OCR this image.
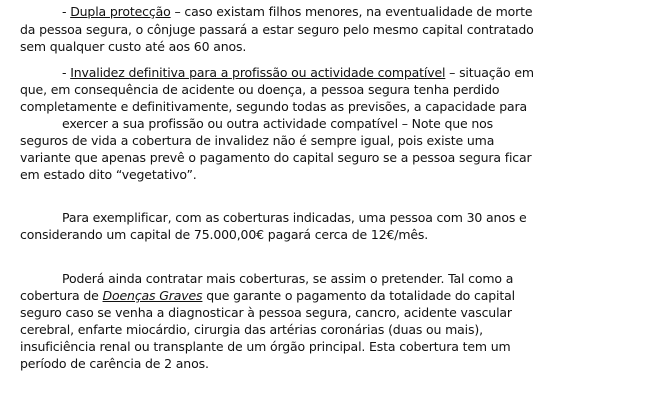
- Dupla protecção – caso existam filhos menores, na eventualidade de morte
da pessoa segura, o cônjuge passará a estar seguro pelo mesmo capital contratado
sem qualquer custo até aos 60 anos.
- Invalidez definitiva para a profissão ou actividade compatível – situação em
que, em consequência de acidente ou doença, a pessoa segura tenha perdido
completamente e definitivamente, segundo todas as previsões, a capacidade para
exercer a sua profissão ou outra actividade compatível – Note que nos
seguros de vida a cobertura de invalidez não é sempre igual, pois existe uma
variante que apenas prevê o pagamento do capital seguro se a pessoa segura ficar
em estado dito “vegetativo”.
Para exemplificar, com as coberturas indicadas, uma pessoa com 30 anos e
considerando um capital de 75.000,00€ pagará cerca de 12€/mês.
Poderá ainda contratar mais coberturas, se assim o pretender. Tal como a
cobertura de Doenças Graves que garante o pagamento da totalidade do capital
seguro caso se venha a diagnosticar à pessoa segura, cancro, acidente vascular
cerebral, enfarte miocárdio, cirurgia das artérias coronárias (duas ou mais),
insuficiência renal ou transplante de um órgão principal. Esta cobertura tem um
período de carência de 2 anos.
